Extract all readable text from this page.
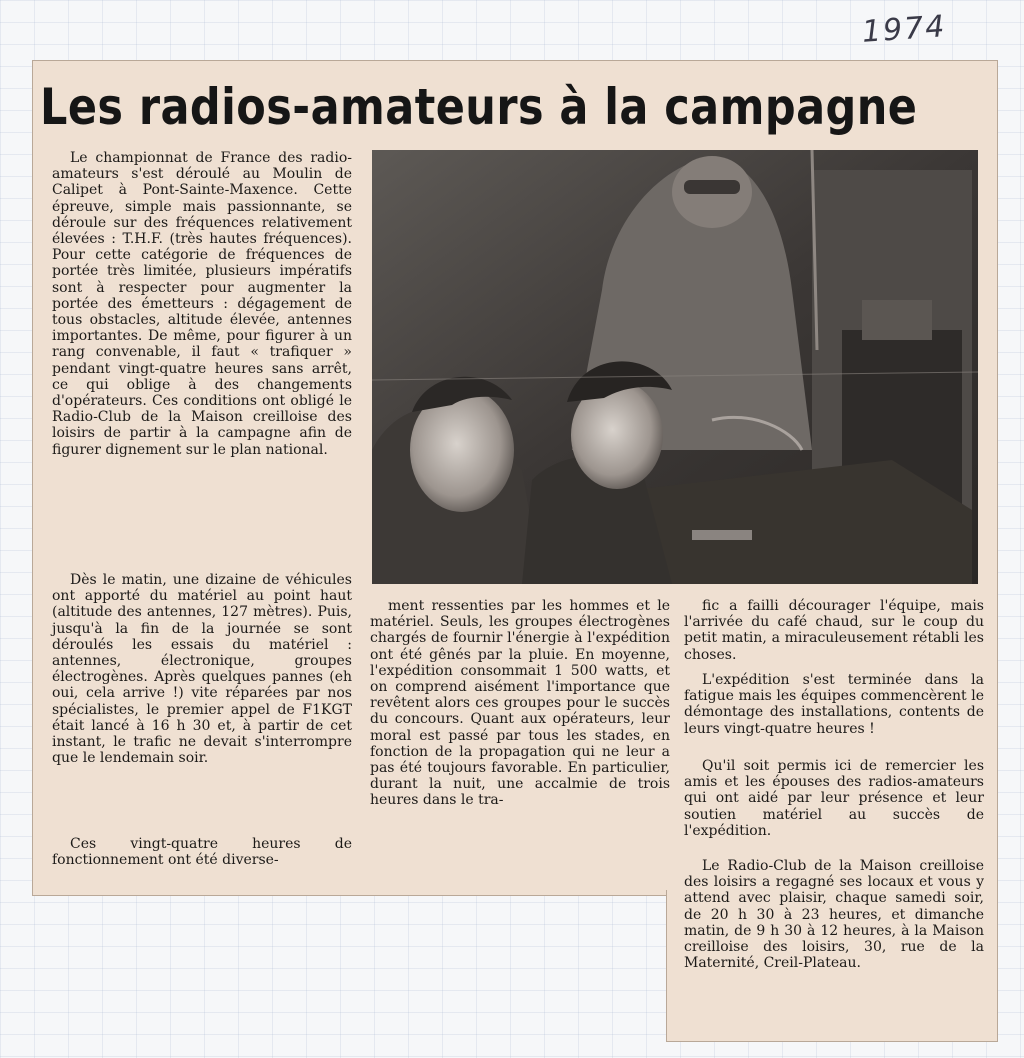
1974
Les radios-amateurs à la campagne

Le championnat de France des radio-amateurs s'est déroulé au Moulin de Calipet à Pont-Sainte-Maxence. Cette épreuve, simple mais passionnante, se déroule sur des fréquences relativement élevées : T.H.F. (très hautes fréquences). Pour cette catégorie de fréquences de portée très limitée, plusieurs impératifs sont à respecter pour augmenter la portée des émetteurs : dégagement de tous obstacles, altitude élevée, antennes importantes. De même, pour figurer à un rang convenable, il faut « trafiquer » pendant vingt-quatre heures sans arrêt, ce qui oblige à des changements d'opérateurs. Ces conditions ont obligé le Radio-Club de la Maison creilloise des loisirs de partir à la campagne afin de figurer dignement sur le plan national.

Dès le matin, une dizaine de véhicules ont apporté du matériel au point haut (altitude des antennes, 127 mètres). Puis, jusqu'à la fin de la journée se sont déroulés les essais du matériel : antennes, électronique, groupes électrogènes. Après quelques pannes (eh oui, cela arrive !) vite réparées par nos spécialistes, le premier appel de F1KGT était lancé à 16 h 30 et, à partir de cet instant, le trafic ne devait s'interrompre que le lendemain soir.

Ces vingt-quatre heures de fonctionnement ont été diverse-

ment ressenties par les hommes et le matériel. Seuls, les groupes électrogènes chargés de fournir l'énergie à l'expédition ont été gênés par la pluie. En moyenne, l'expédition consommait 1 500 watts, et on comprend aisément l'importance que revêtent alors ces groupes pour le succès du concours. Quant aux opérateurs, leur moral est passé par tous les stades, en fonction de la propagation qui ne leur a pas été toujours favorable. En particulier, durant la nuit, une accalmie de trois heures dans le tra-

fic a failli décourager l'équipe, mais l'arrivée du café chaud, sur le coup du petit matin, a miraculeusement rétabli les choses.

L'expédition s'est terminée dans la fatigue mais les équipes commencèrent le démontage des installations, contents de leurs vingt-quatre heures !

Qu'il soit permis ici de remercier les amis et les épouses des radios-amateurs qui ont aidé par leur présence et leur soutien matériel au succès de l'expédition.

Le Radio-Club de la Maison creilloise des loisirs a regagné ses locaux et vous y attend avec plaisir, chaque samedi soir, de 20 h 30 à 23 heures, et dimanche matin, de 9 h 30 à 12 heures, à la Maison creilloise des loisirs, 30, rue de la Maternité, Creil-Plateau.
